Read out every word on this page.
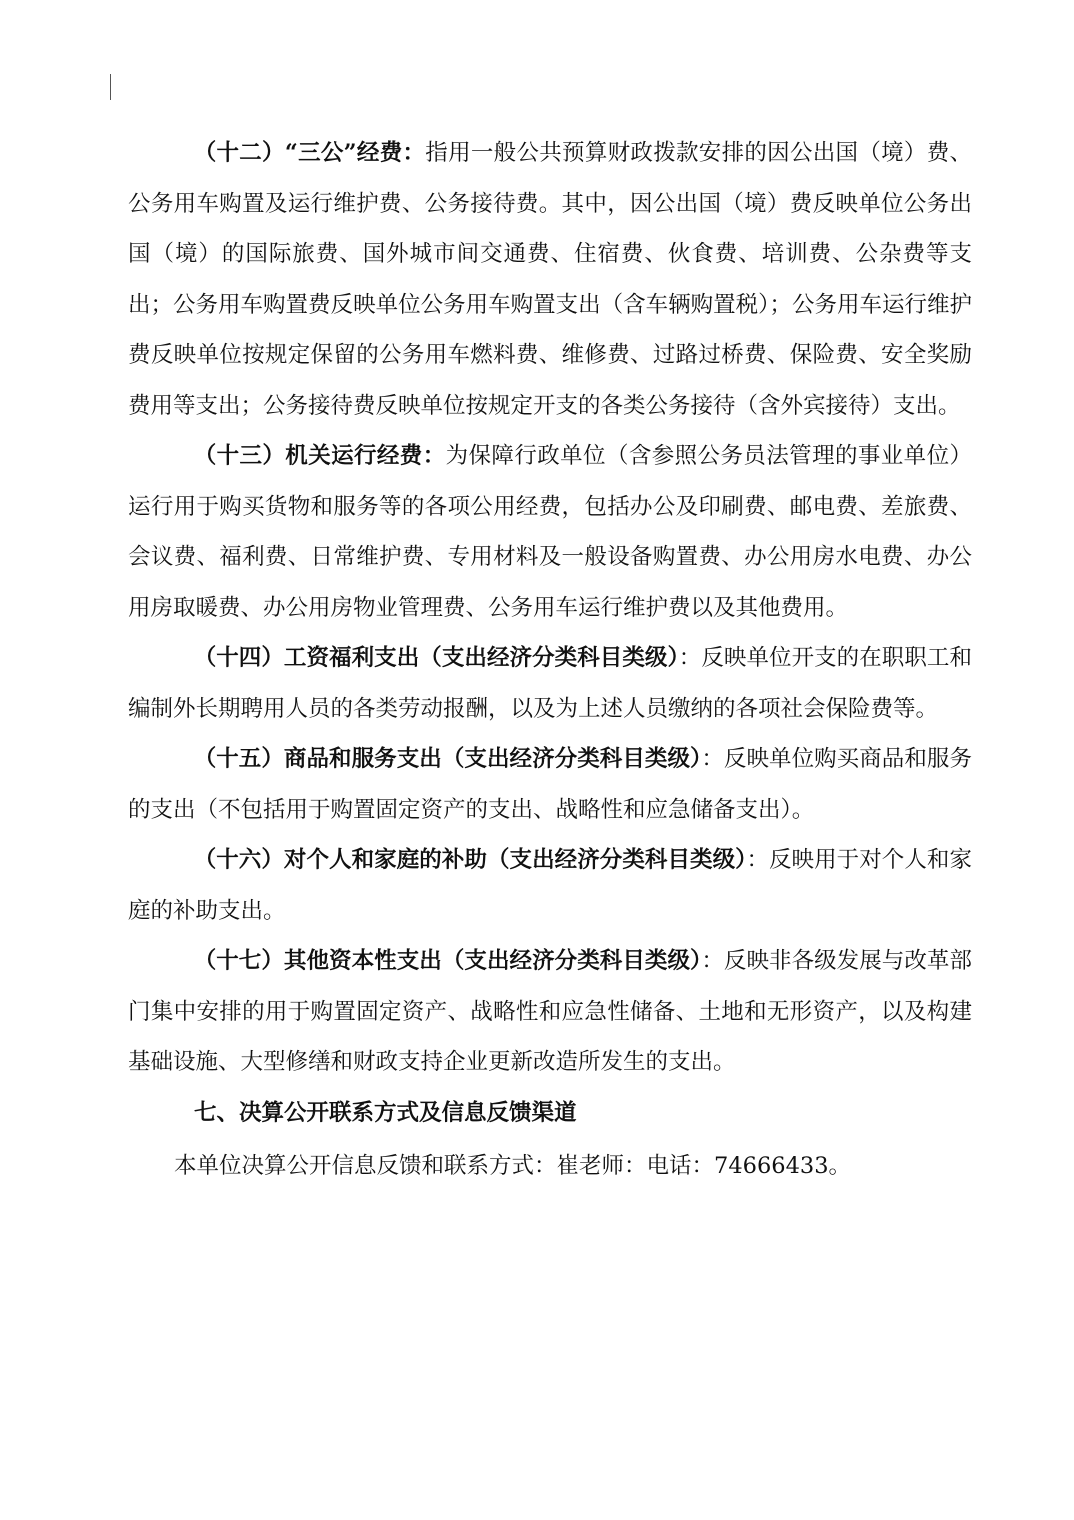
（十二）“三公”经费：指用一般公共预算财政拨款安排的因公出国（境）费、公务用车购置及运行维护费、公务接待费。其中，因公出国（境）费反映单位公务出国（境）的国际旅费、国外城市间交通费、住宿费、伙食费、培训费、公杂费等支出；公务用车购置费反映单位公务用车购置支出（含车辆购置税）；公务用车运行维护费反映单位按规定保留的公务用车燃料费、维修费、过路过桥费、保险费、安全奖励费用等支出；公务接待费反映单位按规定开支的各类公务接待（含外宾接待）支出。

（十三）机关运行经费：为保障行政单位（含参照公务员法管理的事业单位）运行用于购买货物和服务等的各项公用经费，包括办公及印刷费、邮电费、差旅费、会议费、福利费、日常维护费、专用材料及一般设备购置费、办公用房水电费、办公用房取暖费、办公用房物业管理费、公务用车运行维护费以及其他费用。

（十四）工资福利支出（支出经济分类科目类级）：反映单位开支的在职职工和编制外长期聘用人员的各类劳动报酬，以及为上述人员缴纳的各项社会保险费等。

（十五）商品和服务支出（支出经济分类科目类级）：反映单位购买商品和服务的支出（不包括用于购置固定资产的支出、战略性和应急储备支出）。

（十六）对个人和家庭的补助（支出经济分类科目类级）：反映用于对个人和家庭的补助支出。

（十七）其他资本性支出（支出经济分类科目类级）：反映非各级发展与改革部门集中安排的用于购置固定资产、战略性和应急性储备、土地和无形资产，以及构建基础设施、大型修缮和财政支持企业更新改造所发生的支出。

七、决算公开联系方式及信息反馈渠道

本单位决算公开信息反馈和联系方式：崔老师：电话：74666433。
